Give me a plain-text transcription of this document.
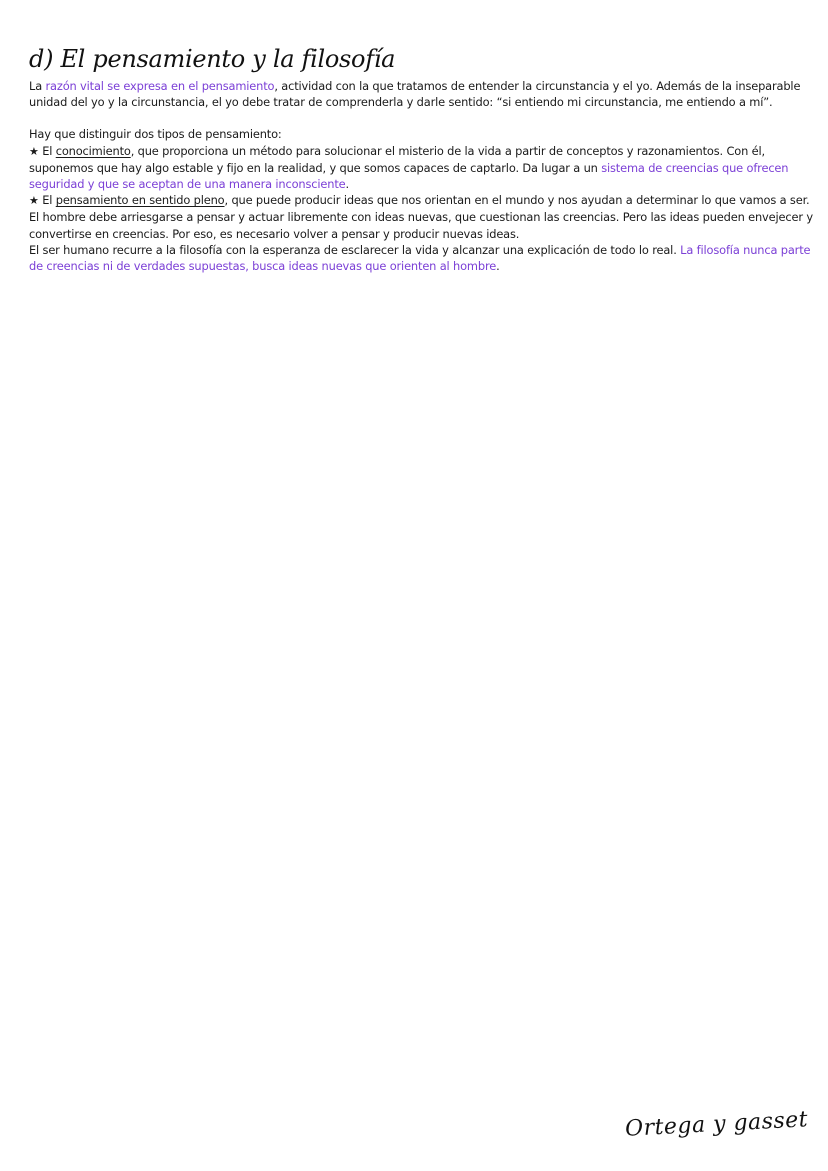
d) El pensamiento y la filosofía

La razón vital se expresa en el pensamiento, actividad con la que tratamos de entender la circunstancia y el yo. Además de la inseparable unidad del yo y la circunstancia, el yo debe tratar de comprenderla y darle sentido: “si entiendo mi circunstancia, me entiendo a mí”.

Hay que distinguir dos tipos de pensamiento:

★ El conocimiento, que proporciona un método para solucionar el misterio de la vida a partir de conceptos y razonamientos. Con él, suponemos que hay algo estable y fijo en la realidad, y que somos capaces de captarlo. Da lugar a un sistema de creencias que ofrecen seguridad y que se aceptan de una manera inconsciente.

★ El pensamiento en sentido pleno, que puede producir ideas que nos orientan en el mundo y nos ayudan a determinar lo que vamos a ser. El hombre debe arriesgarse a pensar y actuar libremente con ideas nuevas, que cuestionan las creencias. Pero las ideas pueden envejecer y convertirse en creencias. Por eso, es necesario volver a pensar y producir nuevas ideas.

El ser humano recurre a la filosofía con la esperanza de esclarecer la vida y alcanzar una explicación de todo lo real. La filosofía nunca parte de creencias ni de verdades supuestas, busca ideas nuevas que orienten al hombre.

Ortega y gasset
